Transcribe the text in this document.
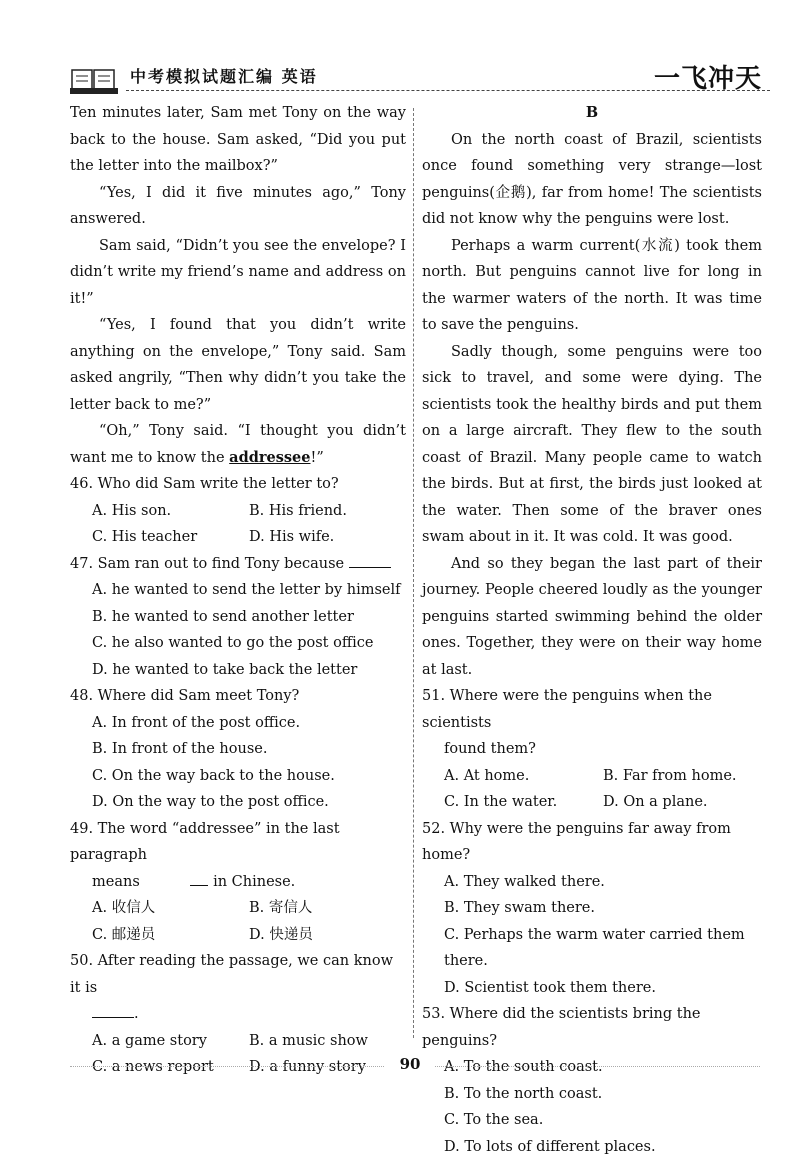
中考模拟试题汇编 英语	一飞冲天

Ten minutes later, Sam met Tony on the way back to the house. Sam asked, “Did you put the letter into the mailbox?”

“Yes, I did it five minutes ago,” Tony answered.

Sam said, “Didn’t you see the envelope? I didn’t write my friend’s name and address on it!”

“Yes, I found that you didn’t write anything on the envelope,” Tony said. Sam asked angrily, “Then why didn’t you take the letter back to me?”

“Oh,” Tony said. “I thought you didn’t want me to know the addressee!”

46. Who did Sam write the letter to?
A. His son.	B. His friend.
C. His teacher	D. His wife.
47. Sam ran out to find Tony because
A. he wanted to send the letter by himself
B. he wanted to send another letter
C. he also wanted to go the post office
D. he wanted to take back the letter
48. Where did Sam meet Tony?
A. In front of the post office.
B. In front of the house.
C. On the way back to the house.
D. On the way to the post office.
49. The word “addressee” in the last paragraph
means	in Chinese.
A. 收信人	B. 寄信人
C. 邮递员	D. 快递员
50. After reading the passage, we can know it is
.
A. a game story	B. a music show
C. a news report	D. a funny story

B

On the north coast of Brazil, scientists once found something very strange—lost penguins(企鹅), far from home! The scientists did not know why the penguins were lost.

Perhaps a warm current(水流) took them north. But penguins cannot live for long in the warmer waters of the north. It was time to save the penguins.

Sadly though, some penguins were too sick to travel, and some were dying. The scientists took the healthy birds and put them on a large aircraft. They flew to the south coast of Brazil. Many people came to watch the birds. But at first, the birds just looked at the water. Then some of the braver ones swam about in it. It was cold. It was good.

And so they began the last part of their journey. People cheered loudly as the younger penguins started swimming behind the older ones. Together, they were on their way home at last.

51. Where were the penguins when the scientists
found them?
A. At home.	B. Far from home.
C. In the water.	D. On a plane.
52. Why were the penguins far away from home?
A. They walked there.
B. They swam there.
C. Perhaps the warm water carried them there.
D. Scientist took them there.
53. Where did the scientists bring the penguins?
A. To the south coast.
B. To the north coast.
C. To the sea.
D. To lots of different places.
90
